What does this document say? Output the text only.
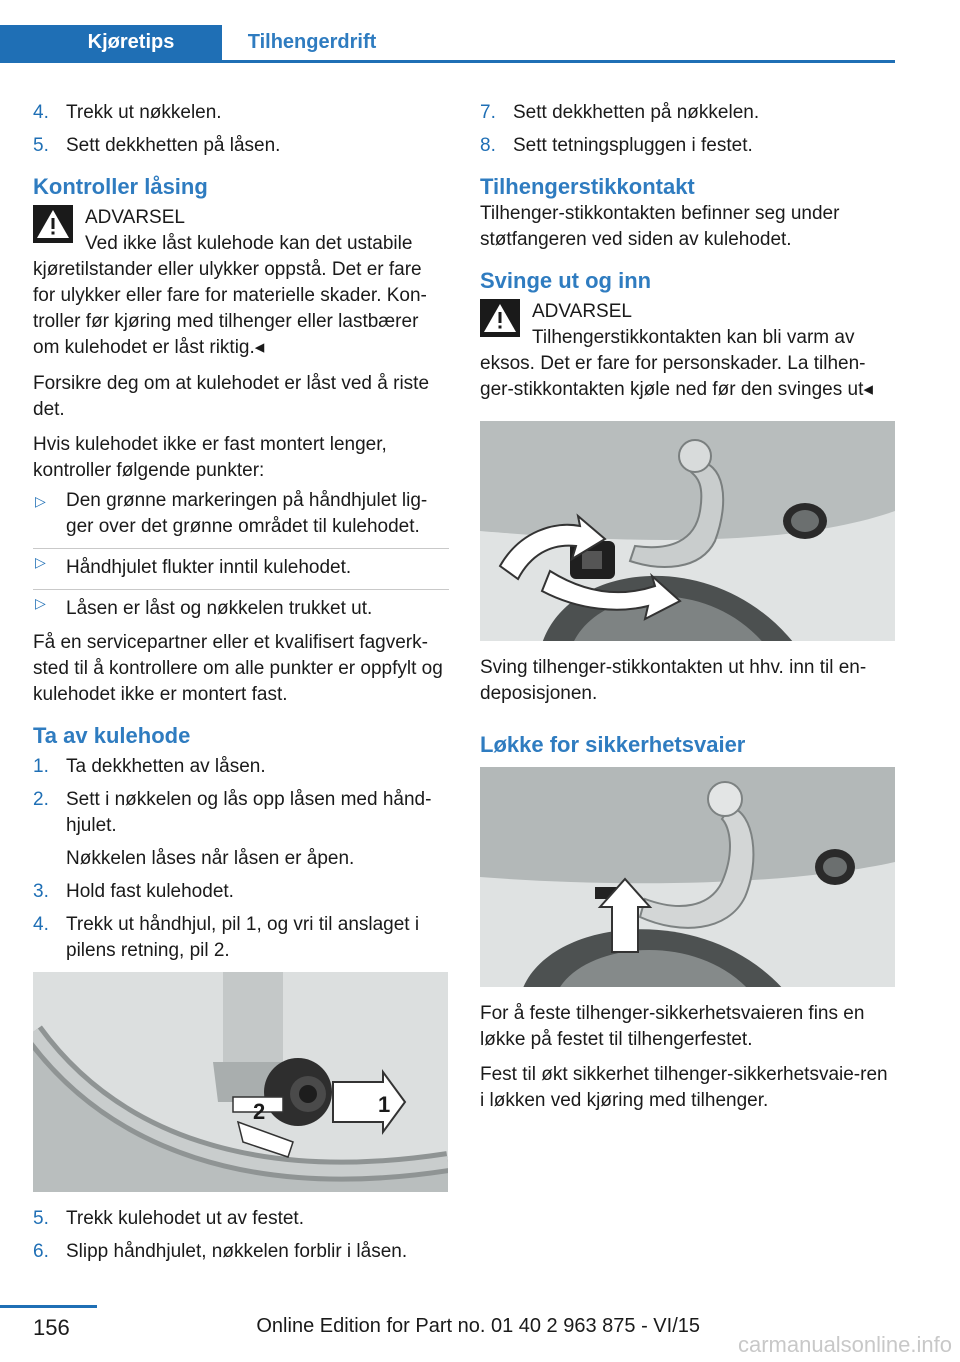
Kjøretips	Tilhengerdrift
4. Trekk ut nøkkelen.
5. Sett dekkhetten på låsen.
Kontroller låsing
ADVARSEL
Ved ikke låst kulehode kan det ustabile
kjøretilstander eller ulykker oppstå. Det er fare for ulykker eller fare for materielle skader. Kon-troller før kjøring med tilhenger eller lastbærer om kulehodet er låst riktig.◂

Forsikre deg om at kulehodet er låst ved å riste det.

Hvis kulehodet ikke er fast montert lenger, kontroller følgende punkter:

▷ Den grønne markeringen på håndhjulet lig-ger over det grønne området til kulehodet.
▷ Håndhjulet flukter inntil kulehodet.
▷ Låsen er låst og nøkkelen trukket ut.

Få en servicepartner eller et kvalifisert fagverk-sted til å kontrollere om alle punkter er oppfylt og kulehodet ikke er montert fast.

Ta av kulehode
1. Ta dekkhetten av låsen.
2. Sett i nøkkelen og lås opp låsen med hånd-hjulet.
Nøkkelen låses når låsen er åpen.
3. Hold fast kulehodet.
4. Trekk ut håndhjul, pil 1, og vri til anslaget i pilens retning, pil 2.
1
2
5. Trekk kulehodet ut av festet.
6. Slipp håndhjulet, nøkkelen forblir i låsen.
7. Sett dekkhetten på nøkkelen.
8. Sett tetningspluggen i festet.
Tilhengerstikkontakt

Tilhenger-stikkontakten befinner seg under støtfangeren ved siden av kulehodet.

Svinge ut og inn
ADVARSEL
Tilhengerstikkontakten kan bli varm av
eksos. Det er fare for personskader. La tilhen-ger-stikkontakten kjøle ned før den svinges ut◂

Sving tilhenger-stikkontakten ut hhv. inn til en-deposisjonen.

Løkke for sikkerhetsvaier

For å feste tilhenger-sikkerhetsvaieren fins en løkke på festet til tilhengerfestet.

Fest til økt sikkerhet tilhenger-sikkerhetsvaie-ren i løkken ved kjøring med tilhenger.

156	Online Edition for Part no. 01 40 2 963 875 - VI/15
carmanualsonline.info
